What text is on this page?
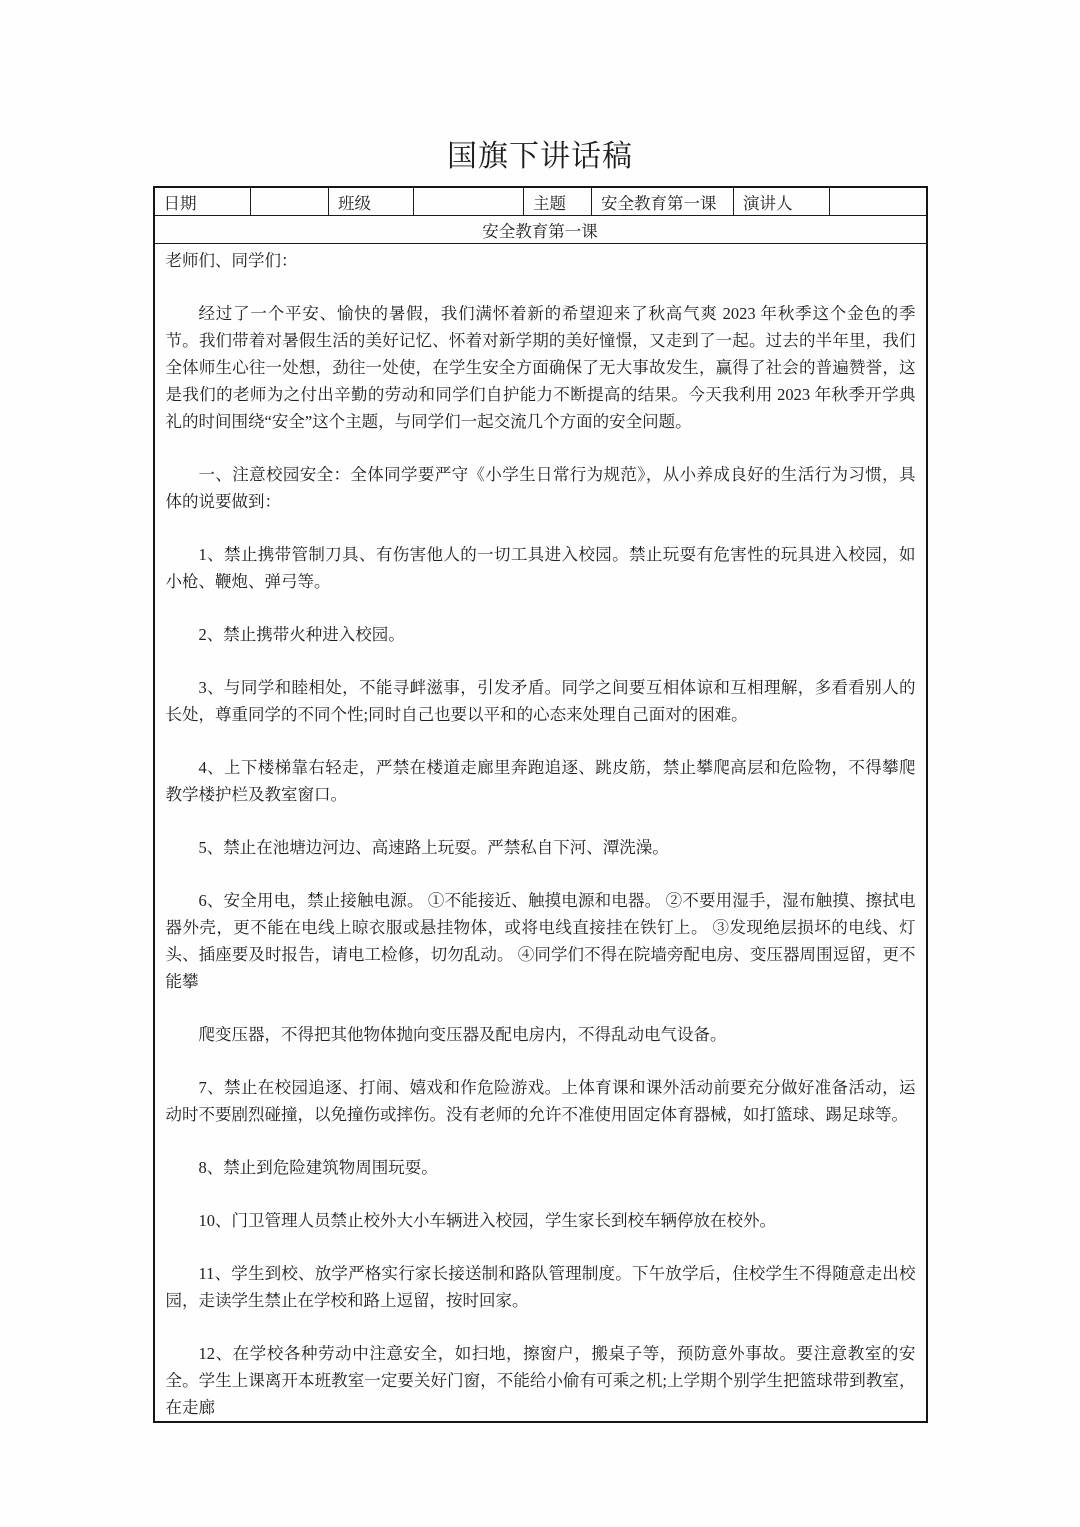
国旗下讲话稿
日期		班级		主题	安全教育第一课	演讲人	
安全教育第一课

老师们、同学们：

经过了一个平安、愉快的暑假，我们满怀着新的希望迎来了秋高气爽 2023 年秋季这个金色的季节。我们带着对暑假生活的美好记忆、怀着对新学期的美好憧憬，又走到了一起。过去的半年里，我们全体师生心往一处想，劲往一处使，在学生安全方面确保了无大事故发生，赢得了社会的普遍赞誉，这是我们的老师为之付出辛勤的劳动和同学们自护能力不断提高的结果。今天我利用 2023 年秋季开学典礼的时间围绕“安全”这个主题，与同学们一起交流几个方面的安全问题。

一、注意校园安全：全体同学要严守《小学生日常行为规范》，从小养成良好的生活行为习惯，具体的说要做到：

1、禁止携带管制刀具、有伤害他人的一切工具进入校园。禁止玩耍有危害性的玩具进入校园，如小枪、鞭炮、弹弓等。

2、禁止携带火种进入校园。

3、与同学和睦相处，不能寻衅滋事，引发矛盾。同学之间要互相体谅和互相理解，多看看别人的长处，尊重同学的不同个性;同时自己也要以平和的心态来处理自己面对的困难。

4、上下楼梯靠右轻走，严禁在楼道走廊里奔跑追逐、跳皮筋，禁止攀爬高层和危险物，不得攀爬教学楼护栏及教室窗口。

5、禁止在池塘边河边、高速路上玩耍。严禁私自下河、潭洗澡。

6、安全用电，禁止接触电源。 ①不能接近、触摸电源和电器。 ②不要用湿手，湿布触摸、擦拭电器外壳，更不能在电线上晾衣服或悬挂物体，或将电线直接挂在铁钉上。 ③发现绝层损坏的电线、灯头、插座要及时报告，请电工检修，切勿乱动。 ④同学们不得在院墙旁配电房、变压器周围逗留，更不能攀

爬变压器，不得把其他物体抛向变压器及配电房内，不得乱动电气设备。

7、禁止在校园追逐、打闹、嬉戏和作危险游戏。上体育课和课外活动前要充分做好准备活动，运动时不要剧烈碰撞，以免撞伤或摔伤。没有老师的允许不准使用固定体育器械，如打篮球、踢足球等。

8、禁止到危险建筑物周围玩耍。

10、门卫管理人员禁止校外大小车辆进入校园，学生家长到校车辆停放在校外。

11、学生到校、放学严格实行家长接送制和路队管理制度。下午放学后，住校学生不得随意走出校园，走读学生禁止在学校和路上逗留，按时回家。

12、在学校各种劳动中注意安全，如扫地，擦窗户，搬桌子等，预防意外事故。要注意教室的安全。学生上课离开本班教室一定要关好门窗，不能给小偷有可乘之机;上学期个别学生把篮球带到教室，在走廊
